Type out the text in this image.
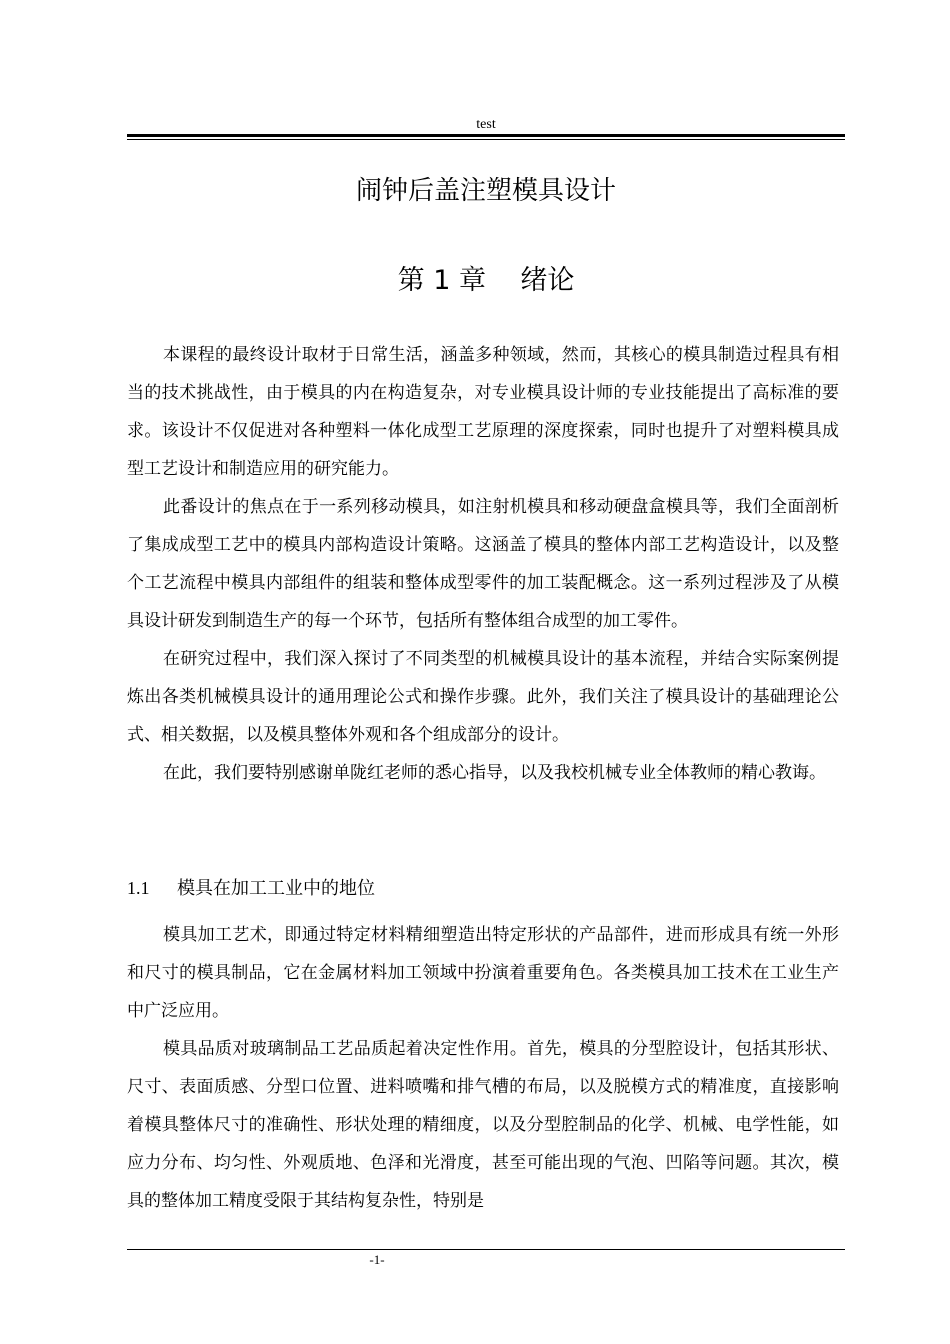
test
闹钟后盖注塑模具设计
第 1 章    绪论

本课程的最终设计取材于日常生活，涵盖多种领域，然而，其核心的模具制造过程具有相当的技术挑战性，由于模具的内在构造复杂，对专业模具设计师的专业技能提出了高标准的要求。该设计不仅促进对各种塑料一体化成型工艺原理的深度探索，同时也提升了对塑料模具成型工艺设计和制造应用的研究能力。

此番设计的焦点在于一系列移动模具，如注射机模具和移动硬盘盒模具等，我们全面剖析了集成成型工艺中的模具内部构造设计策略。这涵盖了模具的整体内部工艺构造设计，以及整个工艺流程中模具内部组件的组装和整体成型零件的加工装配概念。这一系列过程涉及了从模具设计研发到制造生产的每一个环节，包括所有整体组合成型的加工零件。

在研究过程中，我们深入探讨了不同类型的机械模具设计的基本流程，并结合实际案例提炼出各类机械模具设计的通用理论公式和操作步骤。此外，我们关注了模具设计的基础理论公式、相关数据，以及模具整体外观和各个组成部分的设计。

在此，我们要特别感谢单陇红老师的悉心指导，以及我校机械专业全体教师的精心教诲。

1.1 模具在加工工业中的地位

模具加工艺术，即通过特定材料精细塑造出特定形状的产品部件，进而形成具有统一外形和尺寸的模具制品，它在金属材料加工领域中扮演着重要角色。各类模具加工技术在工业生产中广泛应用。

模具品质对玻璃制品工艺品质起着决定性作用。首先，模具的分型腔设计，包括其形状、尺寸、表面质感、分型口位置、进料喷嘴和排气槽的布局，以及脱模方式的精准度，直接影响着模具整体尺寸的准确性、形状处理的精细度，以及分型腔制品的化学、机械、电学性能，如应力分布、均匀性、外观质地、色泽和光滑度，甚至可能出现的气泡、凹陷等问题。其次，模具的整体加工精度受限于其结构复杂性，特别是

-1-
